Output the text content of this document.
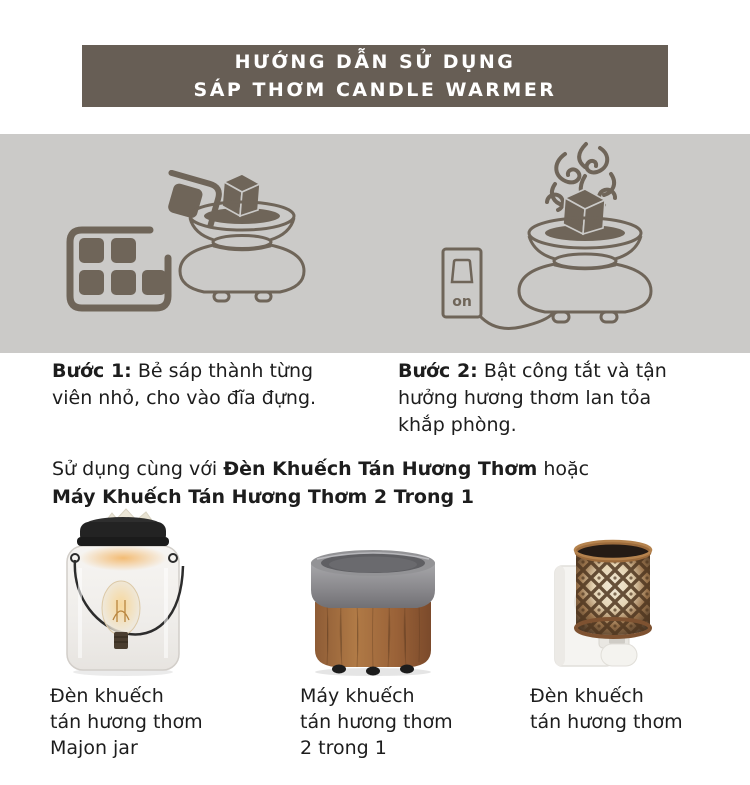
HƯỚNG DẪN SỬ DỤNG
SÁP THƠM CANDLE WARMER
on
Bước 1: Bẻ sáp thành từng
viên nhỏ, cho vào đĩa đựng.
Bước 2: Bật công tắt và tận
hưởng hương thơm lan tỏa
khắp phòng.
Sử dụng cùng với Đèn Khuếch Tán Hương Thơm hoặc
Máy Khuếch Tán Hương Thơm 2 Trong 1
Đèn khuếch
tán hương thơm
Majon jar
Máy khuếch
tán hương thơm
2 trong 1
Đèn khuếch
tán hương thơm
